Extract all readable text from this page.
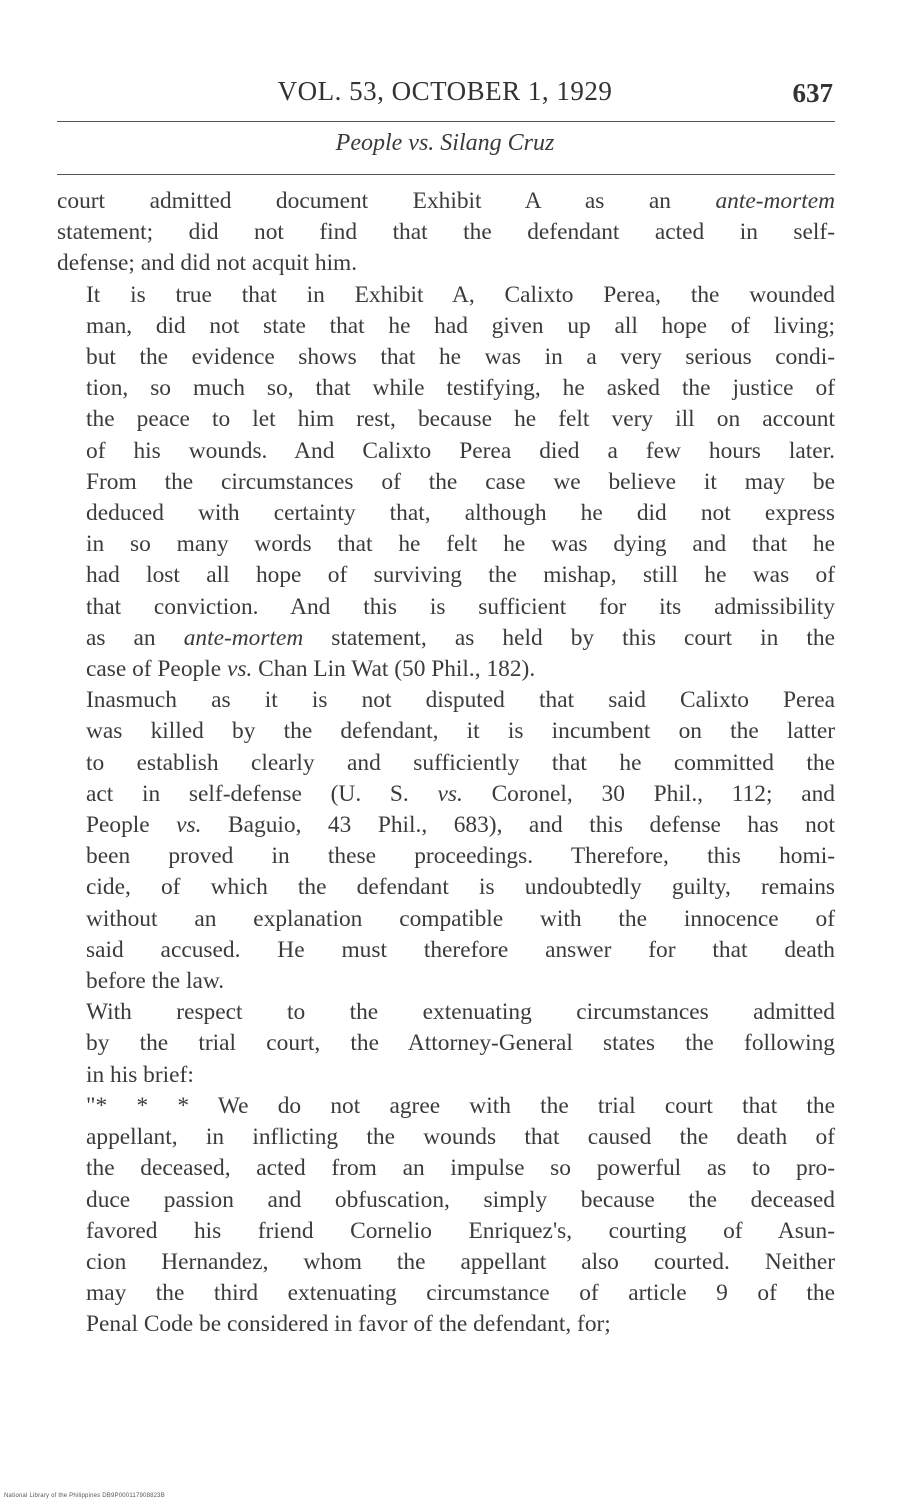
VOL. 53, OCTOBER 1, 1929	637
People vs. Silang Cruz

court admitted document Exhibit A as an ante-mortem
statement; did not find that the defendant acted in self-
defense; and did not acquit him.

It is true that in Exhibit A, Calixto Perea, the wounded
man, did not state that he had given up all hope of living;
but the evidence shows that he was in a very serious condi-
tion, so much so, that while testifying, he asked the justice of
the peace to let him rest, because he felt very ill on account
of his wounds. And Calixto Perea died a few hours later.
From the circumstances of the case we believe it may be
deduced with certainty that, although he did not express
in so many words that he felt he was dying and that he
had lost all hope of surviving the mishap, still he was of
that conviction. And this is sufficient for its admissibility
as an ante-mortem statement, as held by this court in the
case of People vs. Chan Lin Wat (50 Phil., 182).

Inasmuch as it is not disputed that said Calixto Perea
was killed by the defendant, it is incumbent on the latter
to establish clearly and sufficiently that he committed the
act in self-defense (U. S. vs. Coronel, 30 Phil., 112; and
People vs. Baguio, 43 Phil., 683), and this defense has not
been proved in these proceedings. Therefore, this homi-
cide, of which the defendant is undoubtedly guilty, remains
without an explanation compatible with the innocence of
said accused. He must therefore answer for that death
before the law.

With respect to the extenuating circumstances admitted
by the trial court, the Attorney-General states the following
in his brief:

"* * * We do not agree with the trial court that the
appellant, in inflicting the wounds that caused the death of
the deceased, acted from an impulse so powerful as to pro-
duce passion and obfuscation, simply because the deceased
favored his friend Cornelio Enriquez's, courting of Asun-
cion Hernandez, whom the appellant also courted. Neither
may the third extenuating circumstance of article 9 of the
Penal Code be considered in favor of the defendant, for;

National Library of the Philippines DB9P000117908823B
